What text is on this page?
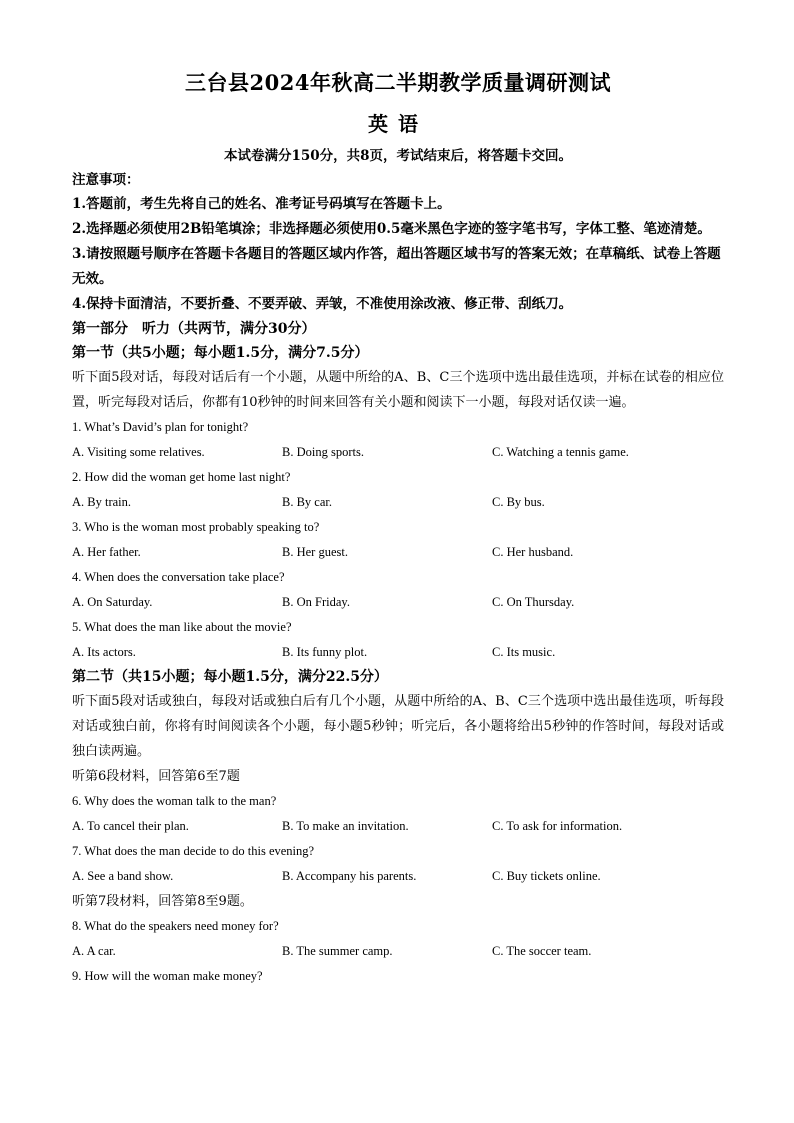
三台县2024年秋高二半期教学质量调研测试
英语
本试卷满分150分，共8页，考试结束后，将答题卡交回。
注意事项：
1.答题前，考生先将自己的姓名、准考证号码填写在答题卡上。
2.选择题必须使用2B铅笔填涂；非选择题必须使用0.5毫米黑色字迹的签字笔书写，字体工整、笔迹清楚。
3.请按照题号顺序在答题卡各题目的答题区域内作答，超出答题区域书写的答案无效；在草稿纸、试卷上答题无效。
4.保持卡面清洁，不要折叠、不要弄破、弄皱，不准使用涂改液、修正带、刮纸刀。
第一部分　听力（共两节，满分30分）
第一节（共5小题；每小题1.5分，满分7.5分）
听下面5段对话，每段对话后有一个小题，从题中所给的A、B、C三个选项中选出最佳选项，并标在试卷的相应位置，听完每段对话后，你都有10秒钟的时间来回答有关小题和阅读下一小题，每段对话仅读一遍。
1. What’s David’s plan for tonight?
A. Visiting some relatives.	B. Doing sports.	C. Watching a tennis game.
2. How did the woman get home last night?
A. By train.	B. By car.	C. By bus.
3. Who is the woman most probably speaking to?
A. Her father.	B. Her guest.	C. Her husband.
4. When does the conversation take place?
A. On Saturday.	B. On Friday.	C. On Thursday.
5. What does the man like about the movie?
A. Its actors.	B. Its funny plot.	C. Its music.
第二节（共15小题；每小题1.5分，满分22.5分）
听下面5段对话或独白，每段对话或独白后有几个小题，从题中所给的A、B、C三个选项中选出最佳选项，听每段对话或独白前，你将有时间阅读各个小题，每小题5秒钟；听完后，各小题将给出5秒钟的作答时间，每段对话或独白读两遍。
听第6段材料，回答第6至7题
6. Why does the woman talk to the man?
A. To cancel their plan.	B. To make an invitation.	C. To ask for information.
7. What does the man decide to do this evening?
A. See a band show.	B. Accompany his parents.	C. Buy tickets online.
听第7段材料，回答第8至9题。
8. What do the speakers need money for?
A. A car.	B. The summer camp.	C. The soccer team.
9. How will the woman make money?
